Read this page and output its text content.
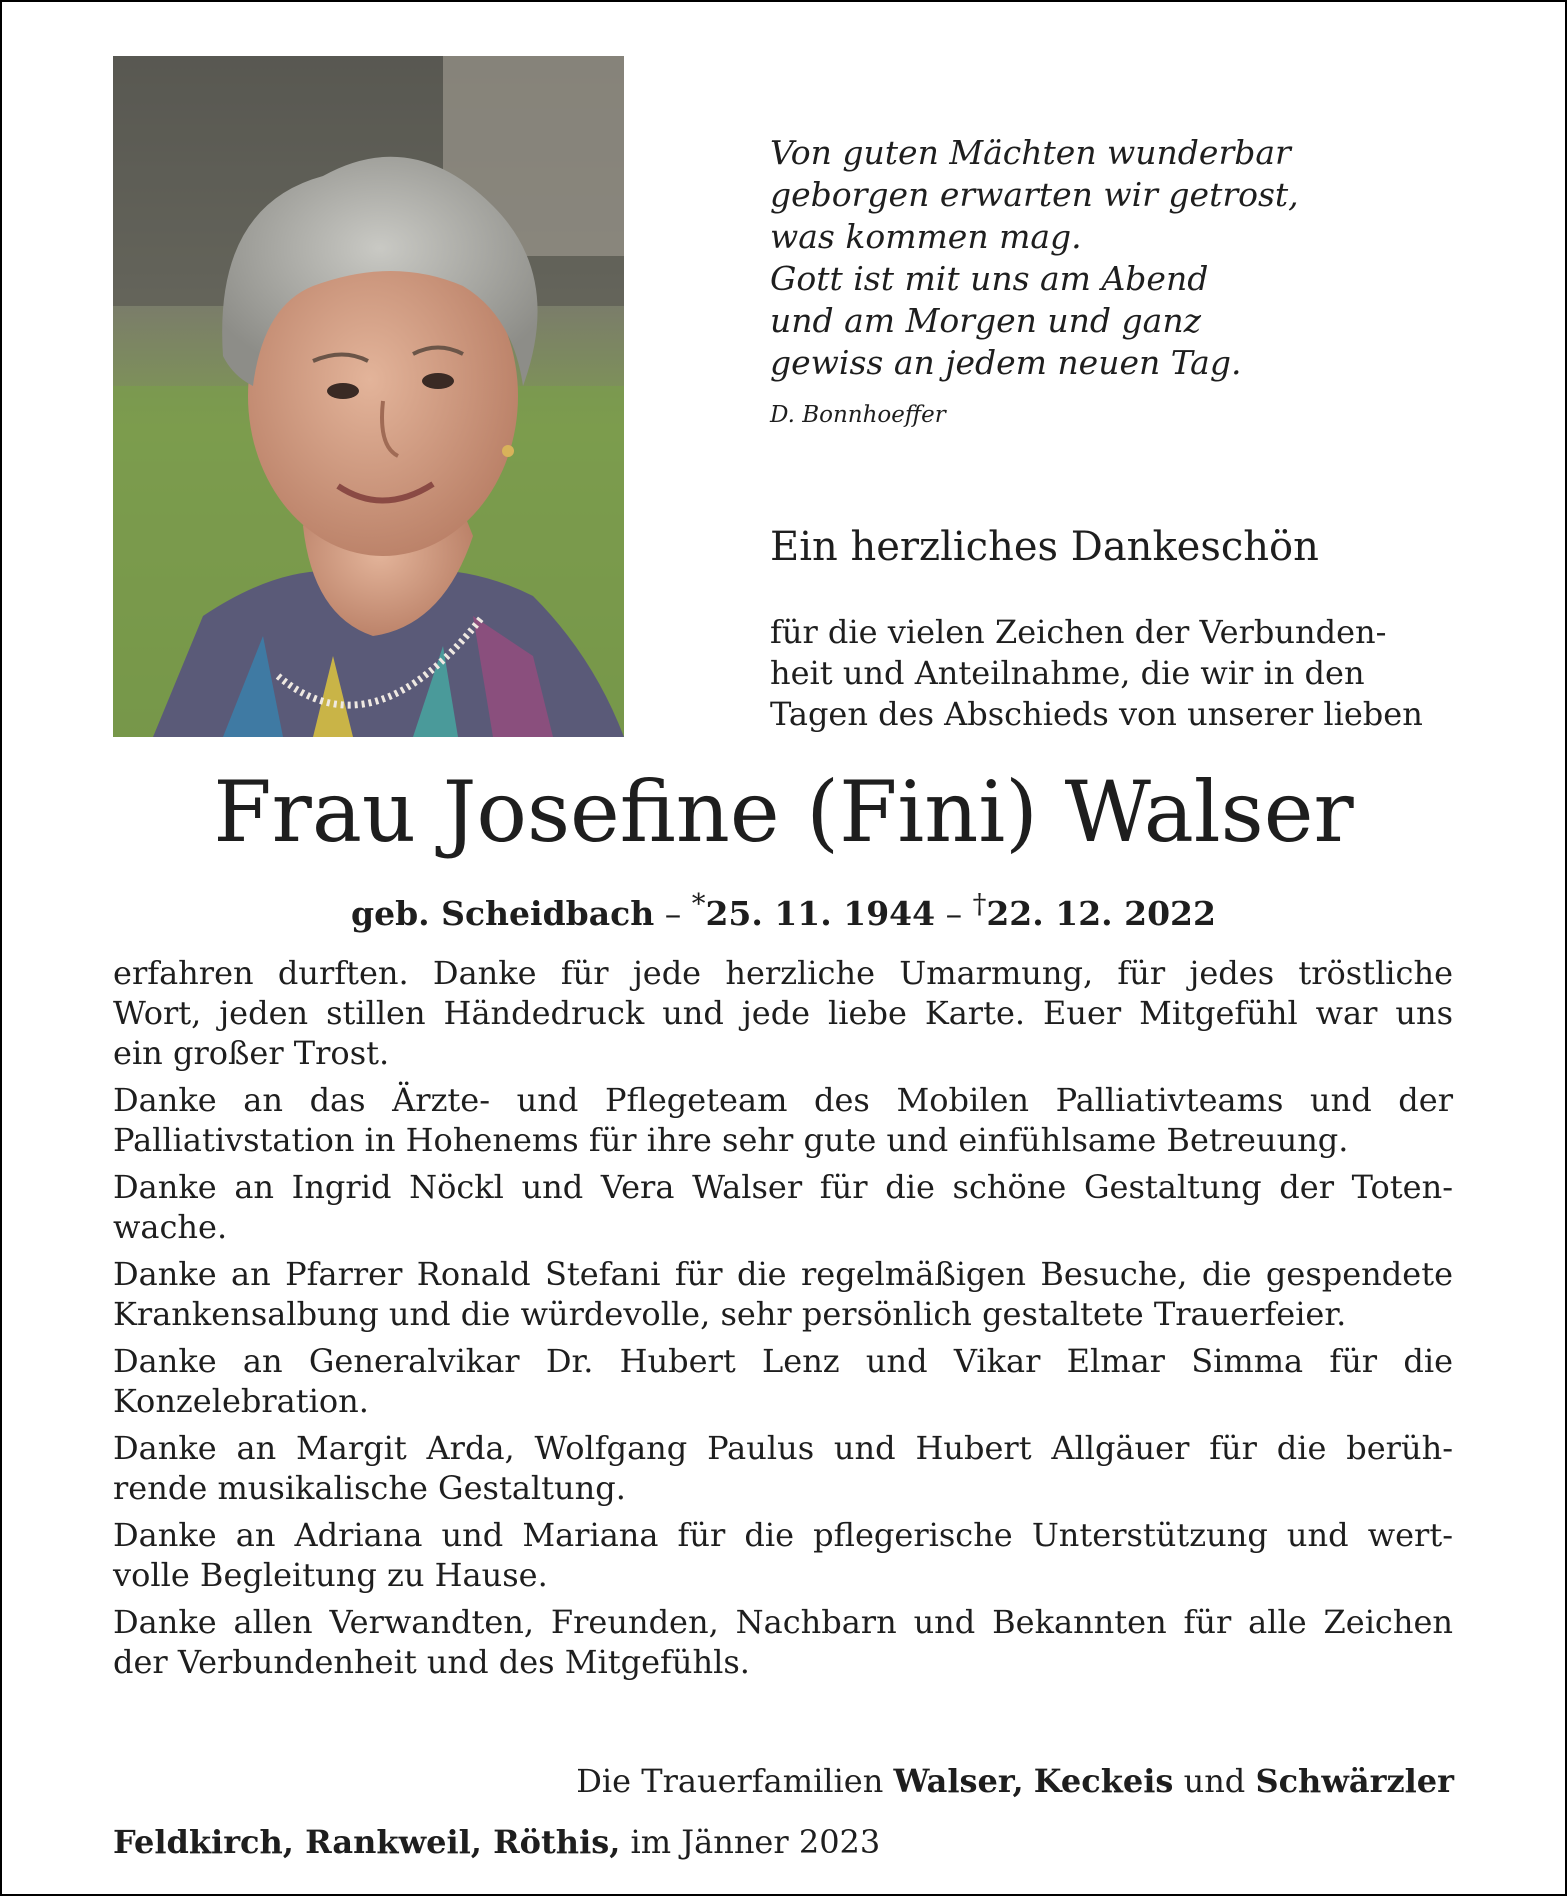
Von guten Mächten wunderbar
geborgen erwarten wir getrost,
was kommen mag.
Gott ist mit uns am Abend
und am Morgen und ganz
gewiss an jedem neuen Tag.
D. Bonnhoeffer
Ein herzliches Dankeschön
für die vielen Zeichen der Verbunden-
heit und Anteilnahme, die wir in den
Tagen des Abschieds von unserer lieben
Frau Josefine (Fini) Walser
geb. Scheidbach – *25. 11. 1944 – †22. 12. 2022
erfahren durften. Danke für jede herzliche Umarmung, für jedes tröstliche
Wort, jeden stillen Händedruck und jede liebe Karte. Euer Mitgefühl war uns
ein großer Trost.
Danke an das Ärzte- und Pflegeteam des Mobilen Palliativteams und der
Palliativstation in Hohenems für ihre sehr gute und einfühlsame Betreuung.
Danke an Ingrid Nöckl und Vera Walser für die schöne Gestaltung der Toten-
wache.
Danke an Pfarrer Ronald Stefani für die regelmäßigen Besuche, die gespendete
Krankensalbung und die würdevolle, sehr persönlich gestaltete Trauerfeier.
Danke an Generalvikar Dr. Hubert Lenz und Vikar Elmar Simma für die
Konzelebration.
Danke an Margit Arda, Wolfgang Paulus und Hubert Allgäuer für die berüh-
rende musikalische Gestaltung.
Danke an Adriana und Mariana für die pflegerische Unterstützung und wert-
volle Begleitung zu Hause.
Danke allen Verwandten, Freunden, Nachbarn und Bekannten für alle Zeichen
der Verbundenheit und des Mitgefühls.
Die Trauerfamilien Walser, Keckeis und Schwärzler
Feldkirch, Rankweil, Röthis, im Jänner 2023
